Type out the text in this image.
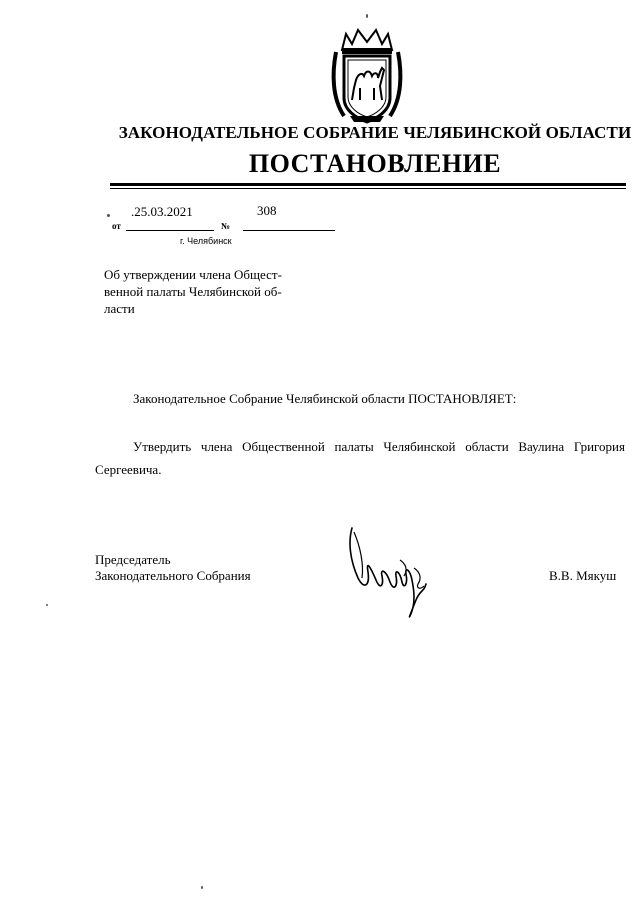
ЗАКОНОДАТЕЛЬНОЕ СОБРАНИЕ ЧЕЛЯБИНСКОЙ ОБЛАСТИ
ПОСТАНОВЛЕНИЕ
.25.03.2021	308
от	№
г. Челябинск
Об утверждении члена Общест-
венной палаты Челябинской об-
ласти
Законодательное Собрание Челябинской области ПОСТАНОВЛЯЕТ:
Утвердить члена Общественной палаты Челябинской области Ваулина Григория
Сергеевича.
Председатель
Законодательного Собрания	В.В. Мякуш
